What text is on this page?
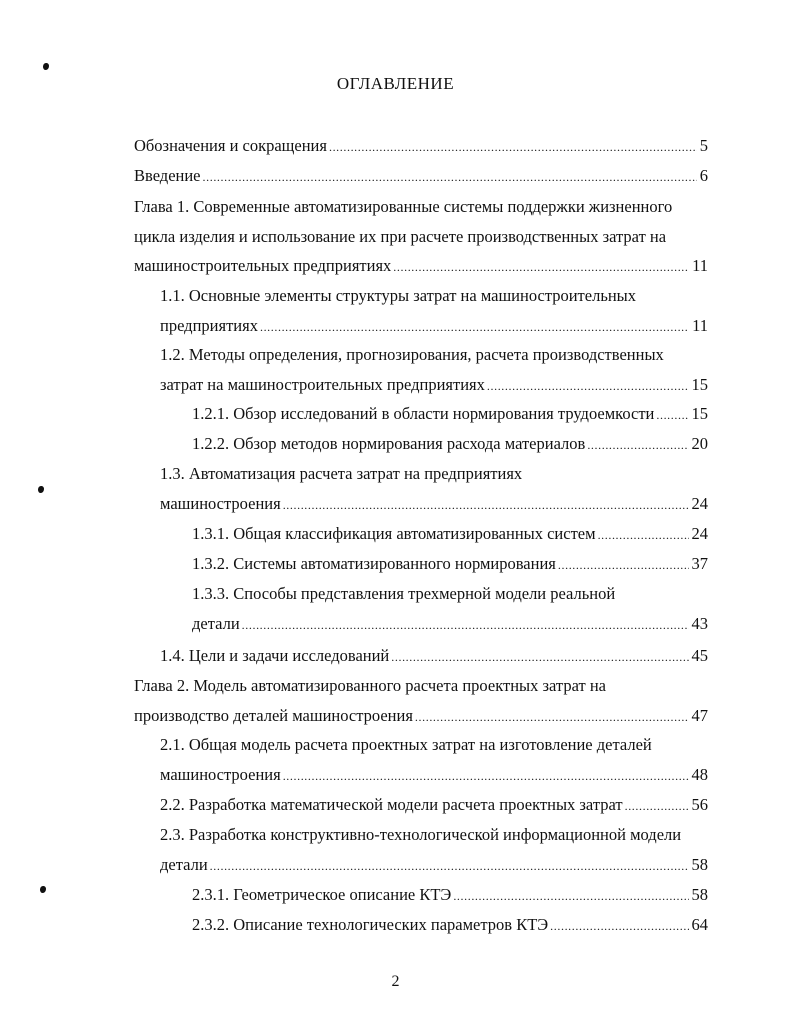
ОГЛАВЛЕНИЕ
Обозначения и сокращения .....	5
Введение .....	6
Глава 1. Современные автоматизированные системы поддержки жизненного
цикла изделия и использование их при расчете производственных затрат на
машиностроительных предприятиях .....	11
1.1. Основные элементы структуры затрат на машиностроительных
предприятиях .....	11
1.2. Методы определения, прогнозирования, расчета производственных
затрат на машиностроительных предприятиях .....	15
1.2.1. Обзор исследований в области нормирования трудоемкости ..... 15
1.2.2. Обзор методов нормирования расхода материалов .....	20
1.3. Автоматизация расчета затрат на предприятиях
машиностроения .....	24
1.3.1. Общая классификация автоматизированных систем .....	24
1.3.2. Системы автоматизированного нормирования .....	37
1.3.3. Способы представления трехмерной модели реальной
детали .....	43
1.4. Цели и задачи исследований .....	45
Глава 2. Модель автоматизированного расчета проектных затрат на
производство деталей машиностроения .....	47
2.1. Общая модель расчета проектных затрат на изготовление деталей
машиностроения .....	48
2.2. Разработка математической модели расчета проектных затрат .....	56
2.3. Разработка конструктивно-технологической информационной модели
детали .....	58
2.3.1. Геометрическое описание КТЭ .....	58
2.3.2. Описание технологических параметров КТЭ .....	64
2
